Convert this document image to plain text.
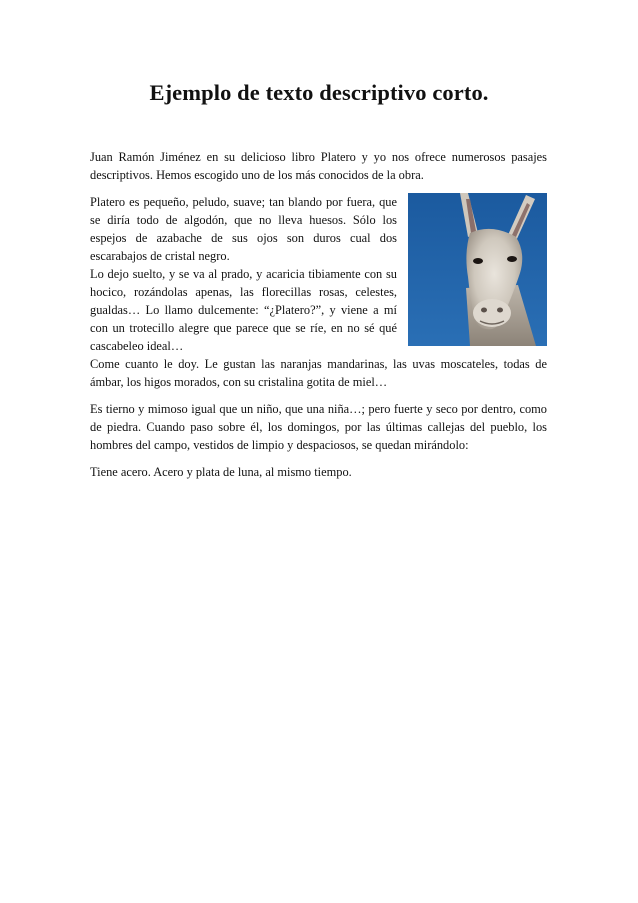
Ejemplo de texto descriptivo corto.

Juan Ramón Jiménez en su delicioso libro Platero y yo nos ofrece numerosos pasajes descriptivos. Hemos escogido uno de los más conocidos de la obra.

Platero es pequeño, peludo, suave; tan blando por fuera, que se diría todo de algodón, que no lleva huesos. Sólo los espejos de azabache de sus ojos son duros cual dos escarabajos de cristal negro.

Lo dejo suelto, y se va al prado, y acaricia tibiamente con su hocico, rozándolas apenas, las florecillas rosas, celestes, gualdas… Lo llamo dulcemente: “¿Platero?”, y viene a mí con un trotecillo alegre que parece que se ríe, en no sé qué cascabeleo ideal…

Come cuanto le doy. Le gustan las naranjas mandarinas, las uvas moscateles, todas de ámbar, los higos morados, con su cristalina gotita de miel…

Es tierno y mimoso igual que un niño, que una niña…; pero fuerte y seco por dentro, como de piedra. Cuando paso sobre él, los domingos, por las últimas callejas del pueblo, los hombres del campo, vestidos de limpio y despaciosos, se quedan mirándolo:

Tiene acero. Acero y plata de luna, al mismo tiempo.
